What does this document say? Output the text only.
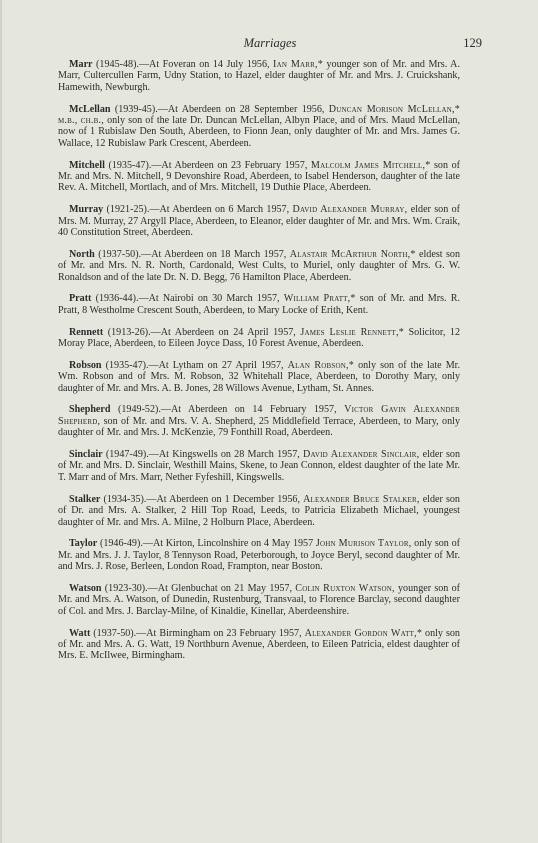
Marriages	129

Marr (1945-48).—At Foveran on 14 July 1956, Ian Marr,* younger son of Mr. and Mrs. A. Marr, Cultercullen Farm, Udny Station, to Hazel, elder daughter of Mr. and Mrs. J. Cruickshank, Hamewith, Newburgh.

McLellan (1939-45).—At Aberdeen on 28 September 1956, Duncan Morison McLellan,* m.b., ch.b., only son of the late Dr. Duncan McLellan, Albyn Place, and of Mrs. Maud McLellan, now of 1 Rubislaw Den South, Aberdeen, to Fionn Jean, only daughter of Mr. and Mrs. James G. Wallace, 12 Rubislaw Park Crescent, Aberdeen.

Mitchell (1935-47).—At Aberdeen on 23 February 1957, Malcolm James Mitchell,* son of Mr. and Mrs. N. Mitchell, 9 Devonshire Road, Aberdeen, to Isabel Henderson, daughter of the late Rev. A. Mitchell, Mortlach, and of Mrs. Mitchell, 19 Duthie Place, Aberdeen.

Murray (1921-25).—At Aberdeen on 6 March 1957, David Alexander Murray, elder son of Mrs. M. Murray, 27 Argyll Place, Aberdeen, to Eleanor, elder daughter of Mr. and Mrs. Wm. Craik, 40 Constitution Street, Aberdeen.

North (1937-50).—At Aberdeen on 18 March 1957, Alastair McArthur North,* eldest son of Mr. and Mrs. N. R. North, Cardonald, West Cults, to Muriel, only daughter of Mrs. G. W. Ronaldson and of the late Dr. N. D. Begg, 76 Hamilton Place, Aberdeen.

Pratt (1936-44).—At Nairobi on 30 March 1957, William Pratt,* son of Mr. and Mrs. R. Pratt, 8 Westholme Crescent South, Aberdeen, to Mary Locke of Erith, Kent.

Rennett (1913-26).—At Aberdeen on 24 April 1957, James Leslie Rennett,* Solicitor, 12 Moray Place, Aberdeen, to Eileen Joyce Dass, 10 Forest Avenue, Aberdeen.

Robson (1935-47).—At Lytham on 27 April 1957, Alan Robson,* only son of the late Mr. Wm. Robson and of Mrs. M. Robson, 32 Whitehall Place, Aberdeen, to Dorothy Mary, only daughter of Mr. and Mrs. A. B. Jones, 28 Willows Avenue, Lytham, St. Annes.

Shepherd (1949-52).—At Aberdeen on 14 February 1957, Victor Gavin Alexander Shepherd, son of Mr. and Mrs. V. A. Shepherd, 25 Middlefield Terrace, Aberdeen, to Mary, only daughter of Mr. and Mrs. J. McKenzie, 79 Fonthill Road, Aberdeen.

Sinclair (1947-49).—At Kingswells on 28 March 1957, David Alexander Sinclair, elder son of Mr. and Mrs. D. Sinclair, Westhill Mains, Skene, to Jean Connon, eldest daughter of the late Mr. T. Marr and of Mrs. Marr, Nether Fyfeshill, Kingswells.

Stalker (1934-35).—At Aberdeen on 1 December 1956, Alexander Bruce Stalker, elder son of Dr. and Mrs. A. Stalker, 2 Hill Top Road, Leeds, to Patricia Elizabeth Michael, youngest daughter of Mr. and Mrs. A. Milne, 2 Holburn Place, Aberdeen.

Taylor (1946-49).—At Kirton, Lincolnshire on 4 May 1957 John Murison Taylor, only son of Mr. and Mrs. J. J. Taylor, 8 Tennyson Road, Peterborough, to Joyce Beryl, second daughter of Mr. and Mrs. J. Rose, Berleen, London Road, Frampton, near Boston.

Watson (1923-30).—At Glenbuchat on 21 May 1957, Colin Ruxton Watson, younger son of Mr. and Mrs. A. Watson, of Dunedin, Rustenburg, Transvaal, to Florence Barclay, second daughter of Col. and Mrs. J. Barclay-Milne, of Kinaldie, Kinellar, Aberdeenshire.

Watt (1937-50).—At Birmingham on 23 February 1957, Alexander Gordon Watt,* only son of Mr. and Mrs. A. G. Watt, 19 Northburn Avenue, Aberdeen, to Eileen Patricia, eldest daughter of Mrs. E. McIlwee, Birmingham.
